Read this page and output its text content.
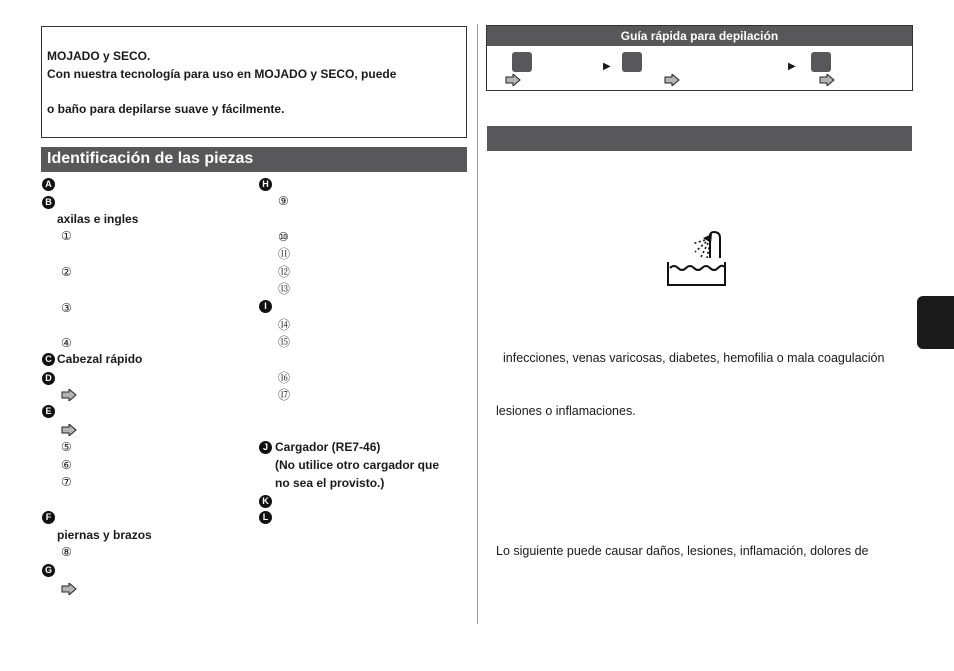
MOJADO y SECO.
Con nuestra tecnología para uso en MOJADO y SECO, puede
o baño para depilarse suave y fácilmente.
Identificación de las piezas
A
B
axilas e ingles
①
②
③
④
C Cabezal rápido
D
E
⑤
⑥
⑦
F
piernas y brazos
⑧
G
H
⑨
⑩
⑪
⑫
⑬
I
⑭
⑮
⑯
⑰
J Cargador (RE7-46)
(No utilice otro cargador que
no sea el provisto.)
K
L
Guía rápida para depilación
▶	▶
infecciones, venas varicosas, diabetes, hemofilia o mala coagulación
lesiones o inflamaciones.
Lo siguiente puede causar daños, lesiones, inflamación, dolores de
